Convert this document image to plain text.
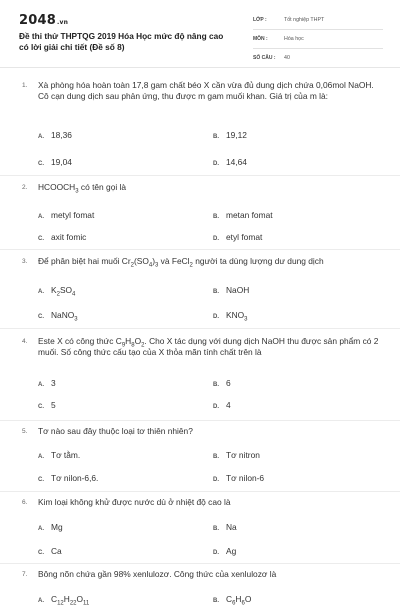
2048.vn
Đề thi thử THPTQG 2019 Hóa Học mức độ nâng cao có lời giải chi tiết (Đề số 8)
LỚP :	Tốt nghiệp THPT
MÔN :	Hóa học
SỐ CÂU : 40
1. Xà phòng hóa hoàn toàn 17,8 gam chất béo X cần vừa đủ dung dịch chứa 0,06mol NaOH. Cô cạn dung dịch sau phản ứng, thu được m gam muối khan. Giá trị của m là:
A. 18,36	B. 19,12
C. 19,04	D. 14,64
2. $HCOOCH_3$ có tên gọi là
A. metyl fomat	B. metan fomat
C. axit fomic	D. etyl fomat
3. Để phân biệt hai muối $Cr_2(SO_4)_3$ và FeCl$_2$ người ta dùng lượng dư dung dịch
A. $K_2SO_4$	B. NaOH
C. NaNO$_3$	D. $KNO_3$
4. Este X có công thức $C_9H_8O_2$. Cho X tác dụng với dung dịch NaOH thu được sản phẩm có 2 muối. Số công thức cấu tạo của X thỏa mãn tính chất trên là
A. 3	B. 6
C. 5	D. 4
5. Tơ nào sau đây thuộc loại tơ thiên nhiên?
A. Tơ tằm.	B. Tơ nitron
C. Tơ nilon-6,6.	D. Tơ nilon-6
6. Kim loại không khử được nước dù ở nhiệt độ cao là
A. Mg	B. Na
C. Ca	D. Ag
7. Bông nõn chứa gần 98% xenlulozơ. Công thức của xenlulozơ là
A. $C_{12}H_{22}O_{11}$	B. $C_6H_6O$
